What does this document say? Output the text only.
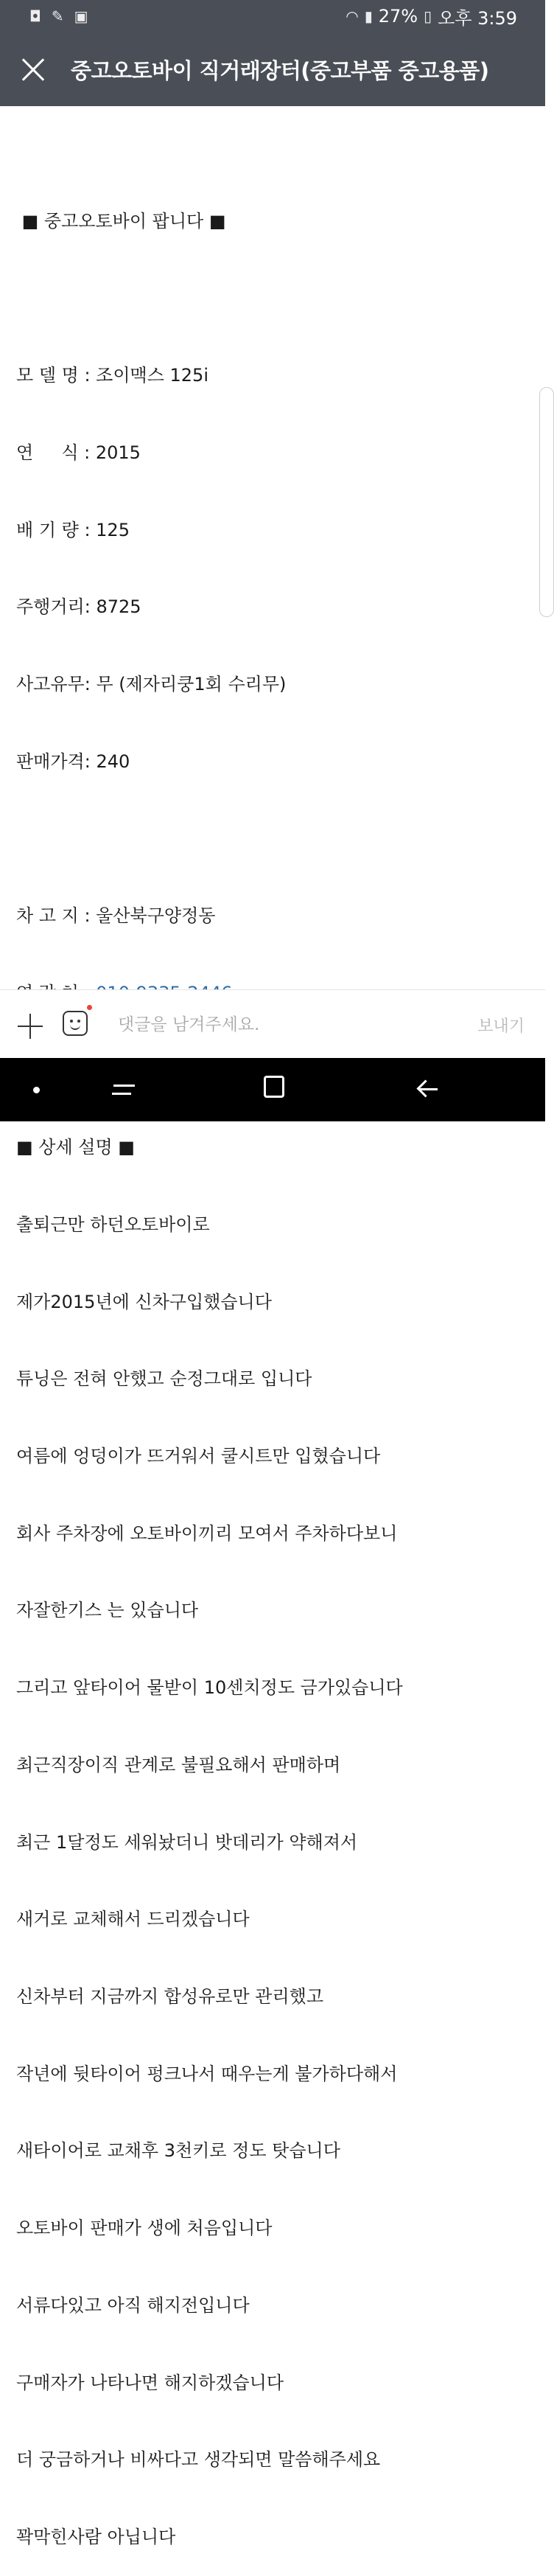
◘ ✎ ▣	◠ ▮ 27% ▯ 오후 3:59
중고오토바이 직거래장터(중고부품 중고용품)

■ 중고오토바이 팝니다 ■

모 델 명 : 조이맥스 125i

연     식 : 2015

배 기 량 : 125

주행거리: 8725

사고유무: 무 (제자리쿵1회 수리무)

판매가격: 240

차 고 지 : 울산북구양정동

■ 상세 설명 ■

출퇴근만 하던오토바이로

제가2015년에 신차구입했습니다

튜닝은 전혀 안했고 순정그대로 입니다

여름에 엉덩이가 뜨거워서 쿨시트만 입혔습니다

회사 주차장에 오토바이끼리 모여서 주차하다보니

자잘한기스 는 있습니다

그리고 앞타이어 물받이 10센치정도 금가있습니다

최근직장이직 관계로 불필요해서 판매하며

최근 1달정도 세워놨더니 밧데리가 약해져서

새거로 교체해서 드리겠습니다

신차부터 지금까지 합성유로만 관리했고

작년에 뒷타이어 펑크나서 때우는게 불가하다해서

새타이어로 교채후 3천키로 정도 탓습니다

오토바이 판매가 생에 처음입니다

서류다있고 아직 해지전입니다

구매자가 나타나면 해지하겠습니다

더 궁금하거나 비싸다고 생각되면 말씀해주세요

꽉막힌사람 아닙니다

댓글을 남겨주세요.
보내기
